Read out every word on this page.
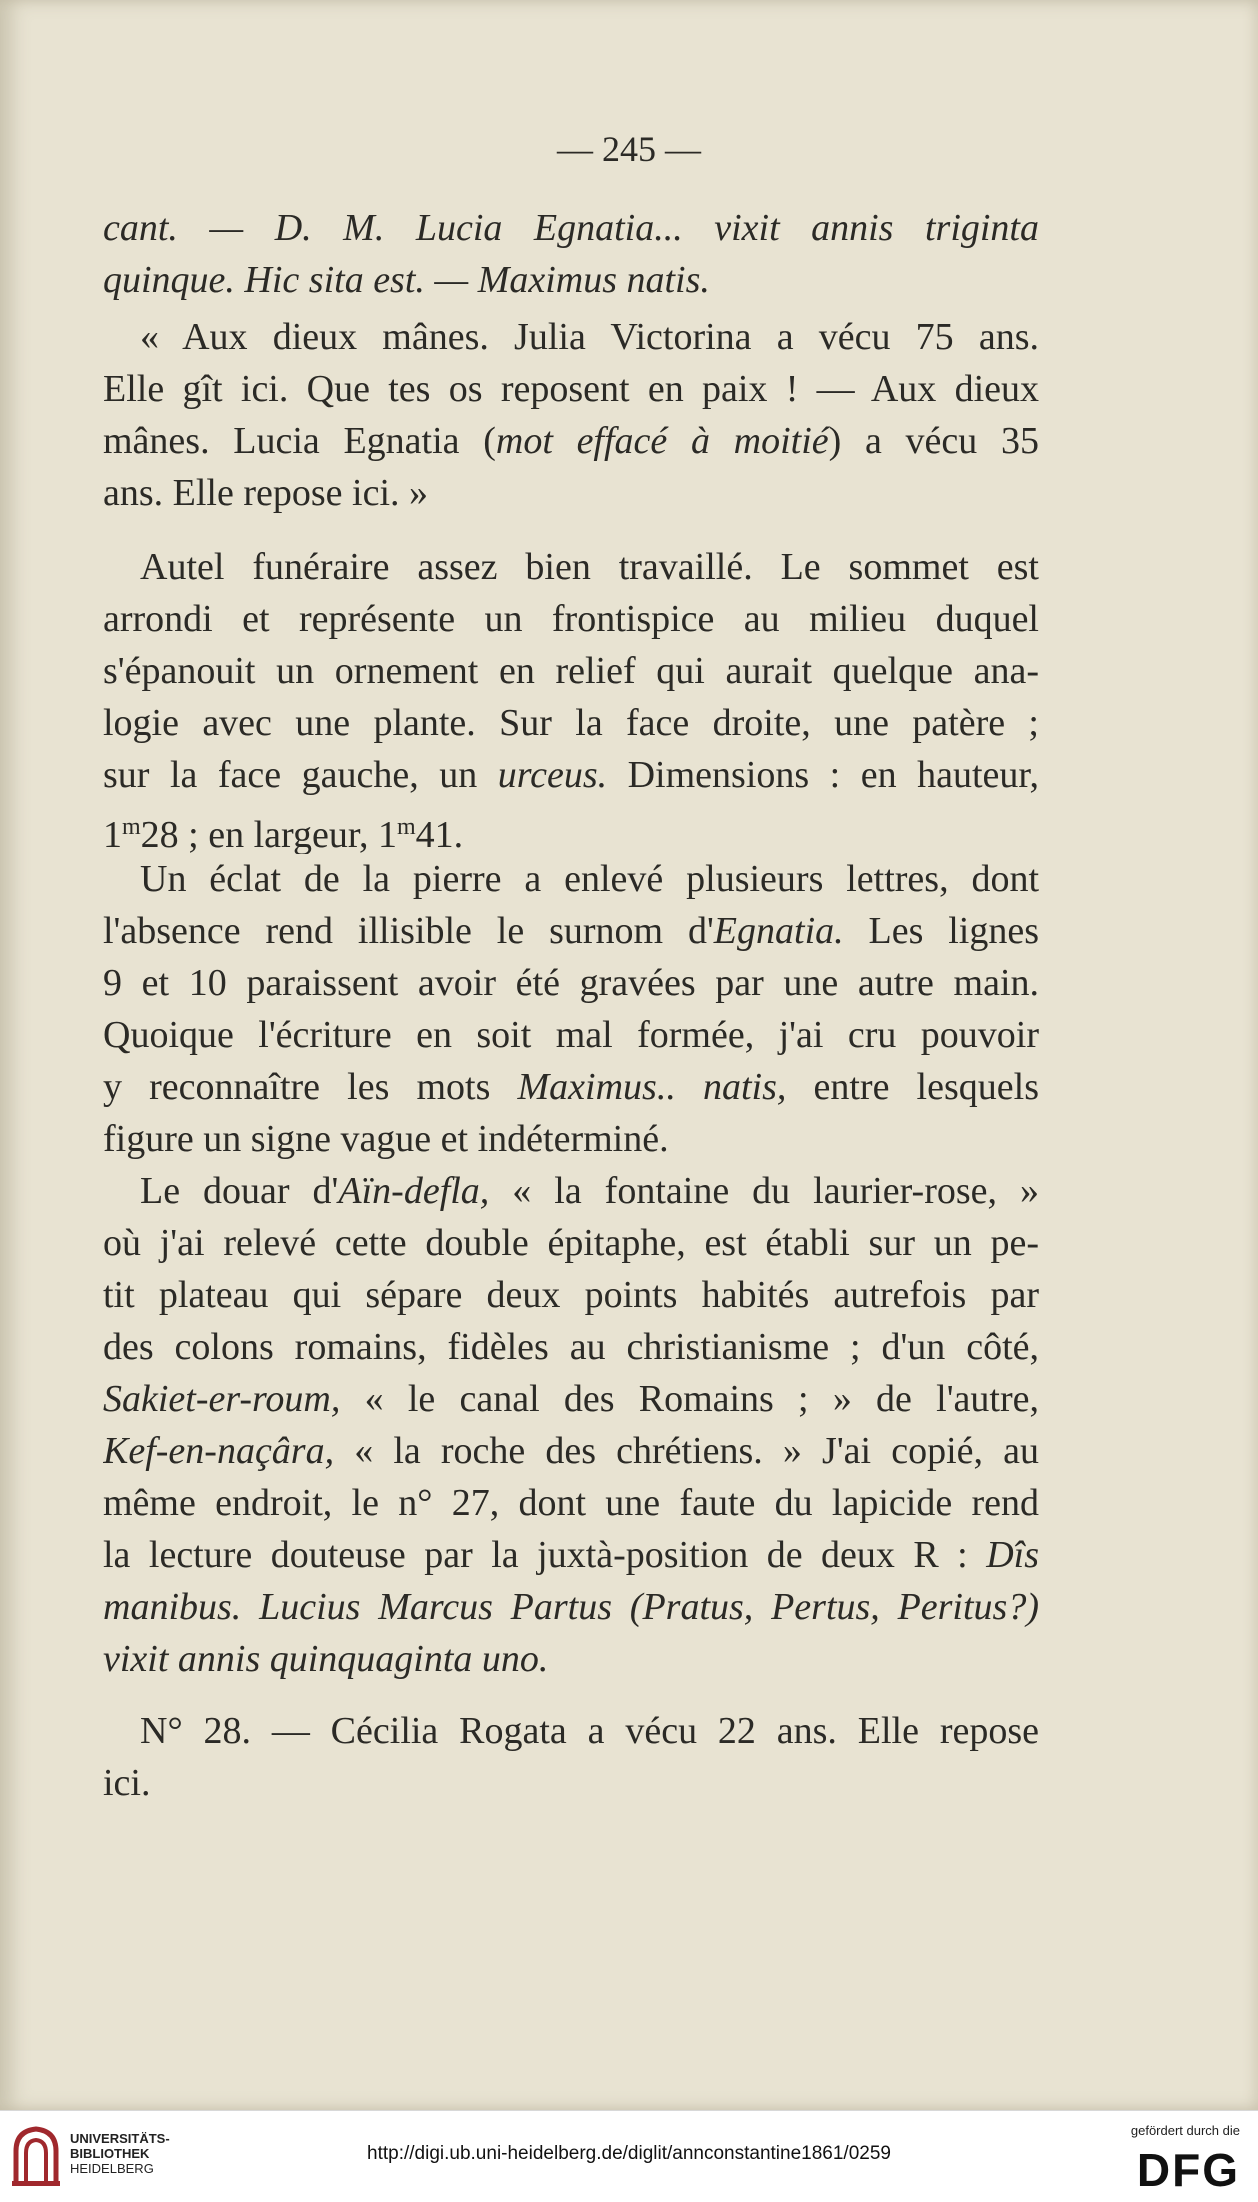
— 245 —
cant. — D. M. Lucia Egnatia... vixit annis triginta
quinque. Hic sita est. — Maximus natis.
« Aux dieux mânes. Julia Victorina a vécu 75 ans.
Elle gît ici. Que tes os reposent en paix ! — Aux dieux
mânes. Lucia Egnatia (mot effacé à moitié) a vécu 35
ans. Elle repose ici. »
Autel funéraire assez bien travaillé. Le sommet est
arrondi et représente un frontispice au milieu duquel
s'épanouit un ornement en relief qui aurait quelque ana-
logie avec une plante. Sur la face droite, une patère ;
sur la face gauche, un urceus. Dimensions : en hauteur,
1$^m$28 ; en largeur, 1$^m$41.
Un éclat de la pierre a enlevé plusieurs lettres, dont
l'absence rend illisible le surnom d'Egnatia. Les lignes
9 et 10 paraissent avoir été gravées par une autre main.
Quoique l'écriture en soit mal formée, j'ai cru pouvoir
y reconnaître les mots Maximus.. natis, entre lesquels
figure un signe vague et indéterminé.
Le douar d'Aïn-defla, « la fontaine du laurier-rose, »
où j'ai relevé cette double épitaphe, est établi sur un pe-
tit plateau qui sépare deux points habités autrefois par
des colons romains, fidèles au christianisme ; d'un côté,
Sakiet-er-roum, « le canal des Romains ; » de l'autre,
Kef-en-naçâra, « la roche des chrétiens. » J'ai copié, au
même endroit, le n° 27, dont une faute du lapicide rend
la lecture douteuse par la juxtà-position de deux R : Dîs
manibus. Lucius Marcus Partus (Pratus, Pertus, Peritus?)
vixit annis quinquaginta uno.
N° 28. — Cécilia Rogata a vécu 22 ans. Elle repose
ici.
UNIVERSITÄTS-
BIBLIOTHEK
HEIDELBERG
http://digi.ub.uni-heidelberg.de/diglit/annconstantine1861/0259
gefördert durch die
DFG
